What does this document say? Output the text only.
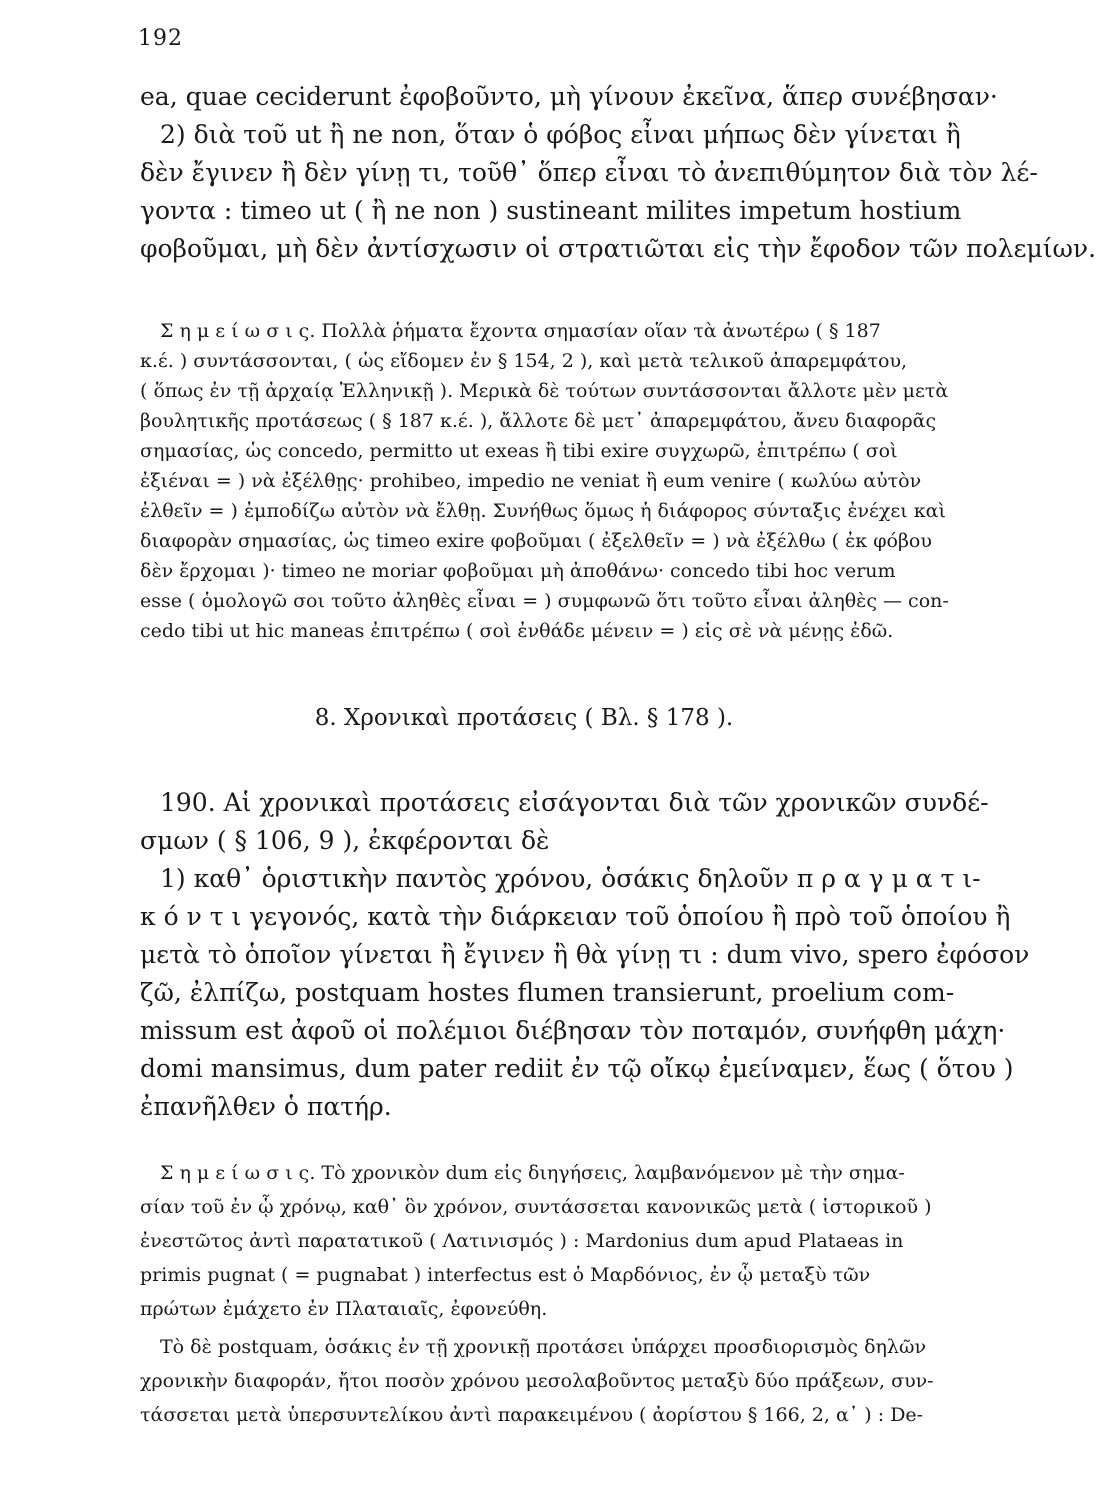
192
ea, quae ceciderunt ἐφοβοῦντο, μὴ γίνουν ἐκεῖνα, ἅπερ συνέβησαν·
2) διὰ τοῦ ut ἢ ne non, ὅταν ὁ φόβος εἶναι μήπως δὲν γίνεται ἢ
δὲν ἔγινεν ἢ δὲν γίνῃ τι, τοῦθ᾽ ὅπερ εἶναι τὸ ἀνεπιθύμητον διὰ τὸν λέ-
γοντα : timeo ut ( ἢ ne non ) sustineant milites impetum hostium
φοβοῦμαι, μὴ δὲν ἀντίσχωσιν οἱ στρατιῶται εἰς τὴν ἔφοδον τῶν πολεμίων.
Σ η μ ε ί ω σ ι ς. Πολλὰ ῥήματα ἔχοντα σημασίαν οἵαν τὰ ἀνωτέρω ( § 187
κ.έ. ) συντάσσονται, ( ὡς εἴδομεν ἐν § 154, 2 ), καὶ μετὰ τελικοῦ ἀπαρεμφάτου,
( ὅπως ἐν τῇ ἀρχαίᾳ Ἑλληνικῇ ). Μερικὰ δὲ τούτων συντάσσονται ἄλλοτε μὲν μετὰ
βουλητικῆς προτάσεως ( § 187 κ.έ. ), ἄλλοτε δὲ μετ᾽ ἀπαρεμφάτου, ἄνευ διαφορᾶς
σημασίας, ὡς concedo, permitto ut exeas ἢ tibi exire συγχωρῶ, ἐπιτρέπω ( σοὶ
ἐξιέναι = ) νὰ ἐξέλθῃς· prohibeo, impedio ne veniat ἢ eum venire ( κωλύω αὐτὸν
ἐλθεῖν = ) ἐμποδίζω αὐτὸν νὰ ἔλθῃ. Συνήθως ὅμως ἡ διάφορος σύνταξις ἐνέχει καὶ
διαφορὰν σημασίας, ὡς timeo exire φοβοῦμαι ( ἐξελθεῖν = ) νὰ ἐξέλθω ( ἐκ φόβου
δὲν ἔρχομαι )· timeo ne moriar φοβοῦμαι μὴ ἀποθάνω· concedo tibi hoc verum
esse ( ὁμολογῶ σοι τοῦτο ἀληθὲς εἶναι = ) συμφωνῶ ὅτι τοῦτο εἶναι ἀληθὲς — con-
cedo tibi ut hic maneas ἐπιτρέπω ( σοὶ ἐνθάδε μένειν = ) εἰς σὲ νὰ μένῃς ἐδῶ.
8. Χρονικαὶ προτάσεις ( Βλ. § 178 ).
190. Αἱ χρονικαὶ προτάσεις εἰσάγονται διὰ τῶν χρονικῶν συνδέ-
σμων ( § 106, 9 ), ἐκφέρονται δὲ
1) καθ᾽ ὁριστικὴν παντὸς χρόνου, ὁσάκις δηλοῦν π ρ α γ μ α τ ι-
κ ό ν τ ι γεγονός, κατὰ τὴν διάρκειαν τοῦ ὁποίου ἢ πρὸ τοῦ ὁποίου ἢ
μετὰ τὸ ὁποῖον γίνεται ἢ ἔγινεν ἢ θὰ γίνῃ τι : dum vivo, spero ἐφόσον
ζῶ, ἐλπίζω, postquam hostes flumen transierunt, proelium com-
missum est ἀφοῦ οἱ πολέμιοι διέβησαν τὸν ποταμόν, συνήφθη μάχη·
domi mansimus, dum pater rediit ἐν τῷ οἴκῳ ἐμείναμεν, ἕως ( ὅτου )
ἐπανῆλθεν ὁ πατήρ.
Σ η μ ε ί ω σ ι ς. Τὸ χρονικὸν dum εἰς διηγήσεις, λαμβανόμενον μὲ τὴν σημα-
σίαν τοῦ ἐν ᾧ χρόνῳ, καθ᾽ ὃν χρόνον, συντάσσεται κανονικῶς μετὰ ( ἱστορικοῦ )
ἐνεστῶτος ἀντὶ παρατατικοῦ ( Λατινισμός ) : Mardonius dum apud Plataeas in
primis pugnat ( = pugnabat ) interfectus est ὁ Μαρδόνιος, ἐν ᾧ μεταξὺ τῶν
πρώτων ἐμάχετο ἐν Πλαταιαῖς, ἐφονεύθη.
Τὸ δὲ postquam, ὁσάκις ἐν τῇ χρονικῇ προτάσει ὑπάρχει προσδιορισμὸς δηλῶν
χρονικὴν διαφοράν, ἤτοι ποσὸν χρόνου μεσολαβοῦντος μεταξὺ δύο πράξεων, συν-
τάσσεται μετὰ ὑπερσυντελίκου ἀντὶ παρακειμένου ( ἀορίστου § 166, 2, α᾽ ) : De-
